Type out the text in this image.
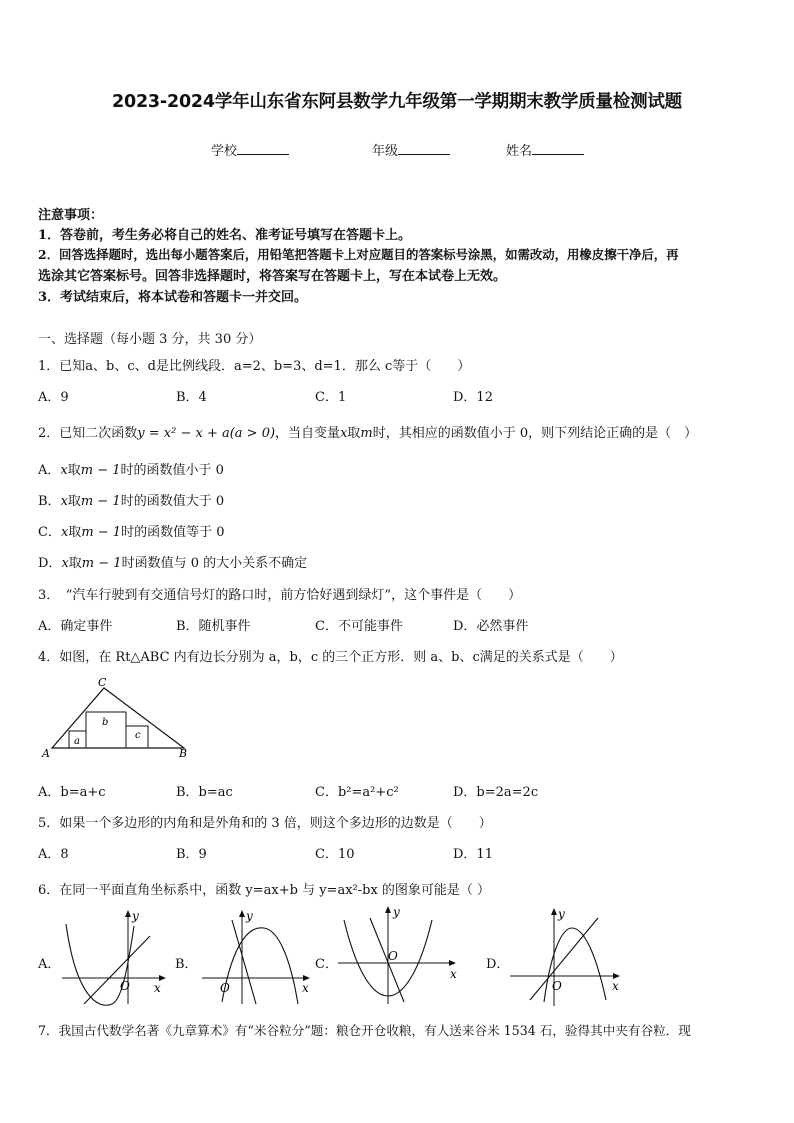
2023-2024学年山东省东阿县数学九年级第一学期期末教学质量检测试题
学校	年级	姓名
注意事项：
1．答卷前，考生务必将自己的姓名、准考证号填写在答题卡上。
2．回答选择题时，选出每小题答案后，用铅笔把答题卡上对应题目的答案标号涂黑，如需改动，用橡皮擦干净后，再
选涂其它答案标号。回答非选择题时，将答案写在答题卡上，写在本试卷上无效。
3．考试结束后，将本试卷和答题卡一并交回。
一、选择题（每小题 3 分，共 30 分）
1．已知a、b、c、d是比例线段．a=2、b=3、d=1．那么 c等于（　　）
A．9	B．4	C．1	D．12
2．已知二次函数y = x² − x + a(a > 0)，当自变量x取m时，其相应的函数值小于 0，则下列结论正确的是（　）
A．x取m − 1时的函数值小于 0
B．x取m − 1时的函数值大于 0
C．x取m − 1时的函数值等于 0
D．x取m − 1时函数值与 0 的大小关系不确定
3．　“汽车行驶到有交通信号灯的路口时，前方恰好遇到绿灯”，这个事件是（　　）
A．确定事件	B．随机事件	C．不可能事件	D．必然事件
4．如图，在 Rt△ABC 内有边长分别为 a，b，c 的三个正方形．则 a、b、c满足的关系式是（　　）
A	B
C
a
b
c
A．b=a+c	B．b=ac	C．b²=a²+c²	D．b=2a=2c
5．如果一个多边形的内角和是外角和的 3 倍，则这个多边形的边数是（　　）
A．8	B．9	C．10	D．11
6．在同一平面直角坐标系中，函数 y=ax+b 与 y=ax²-bx 的图象可能是（ ）
A．	B．	C．	D．
x
y
O	x
y
O
x
y
O
x
y
O
7．我国古代数学名著《九章算术》有“米谷粒分”题：粮仓开仓收粮，有人送来谷米 1534 石，验得其中夹有谷粒．现
